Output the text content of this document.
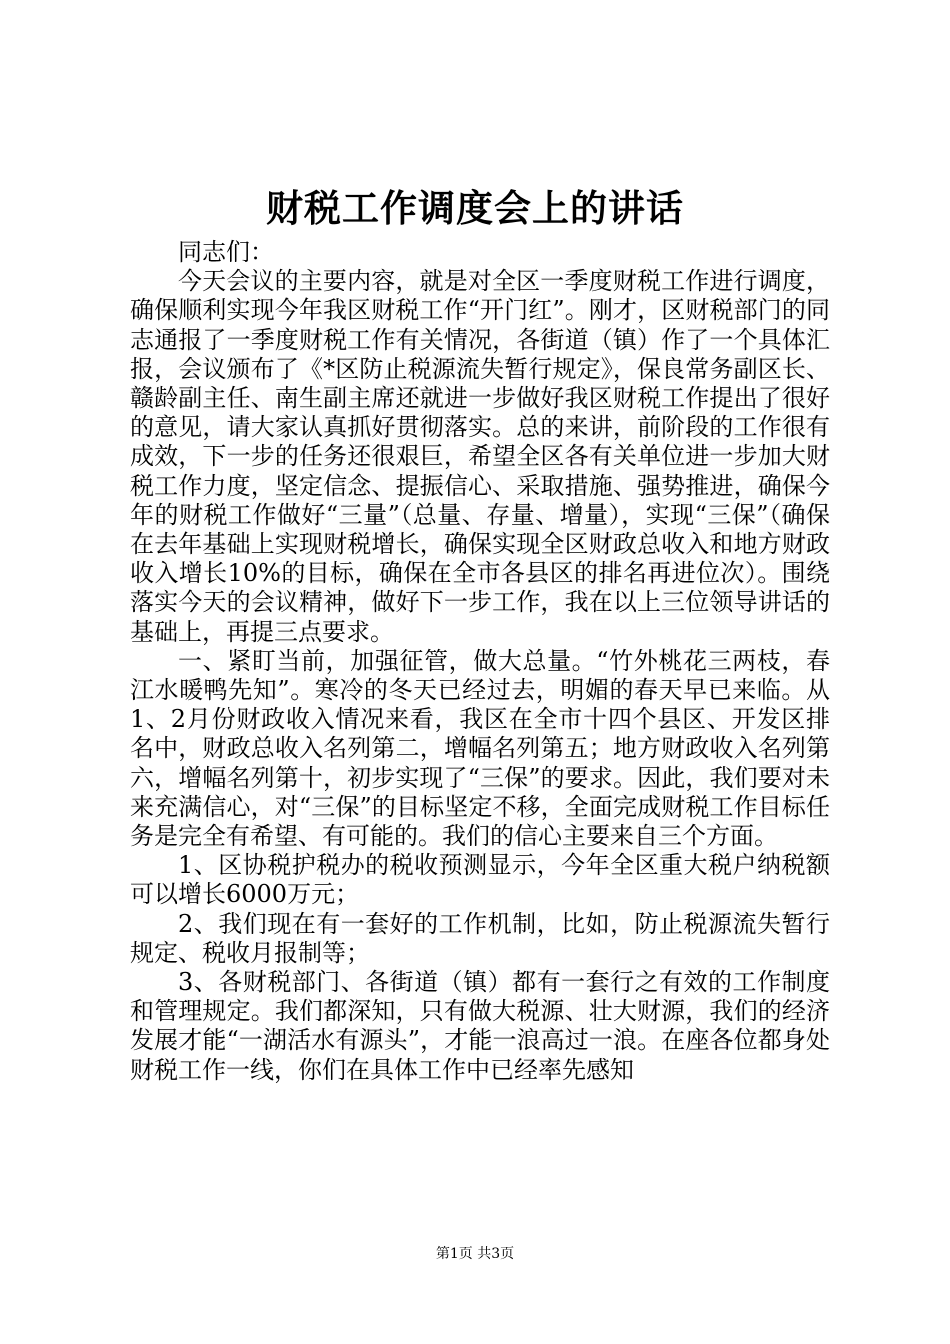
财税工作调度会上的讲话

同志们：

今天会议的主要内容，就是对全区一季度财税工作进行调度，确保顺利实现今年我区财税工作“开门红”。刚才，区财税部门的同志通报了一季度财税工作有关情况，各街道（镇）作了一个具体汇报，会议颁布了《*区防止税源流失暂行规定》，保良常务副区长、赣龄副主任、南生副主席还就进一步做好我区财税工作提出了很好的意见，请大家认真抓好贯彻落实。总的来讲，前阶段的工作很有成效，下一步的任务还很艰巨，希望全区各有关单位进一步加大财税工作力度，坚定信念、提振信心、采取措施、强势推进，确保今年的财税工作做好“三量”（总量、存量、增量），实现“三保”（确保在去年基础上实现财税增长，确保实现全区财政总收入和地方财政收入增长10%的目标，确保在全市各县区的排名再进位次）。围绕落实今天的会议精神，做好下一步工作，我在以上三位领导讲话的基础上，再提三点要求。

一、紧盯当前，加强征管，做大总量。“竹外桃花三两枝，春江水暖鸭先知”。寒冷的冬天已经过去，明媚的春天早已来临。从1、2月份财政收入情况来看，我区在全市十四个县区、开发区排名中，财政总收入名列第二，增幅名列第五；地方财政收入名列第六，增幅名列第十，初步实现了“三保”的要求。因此，我们要对未来充满信心，对“三保”的目标坚定不移，全面完成财税工作目标任务是完全有希望、有可能的。我们的信心主要来自三个方面。

1、区协税护税办的税收预测显示，今年全区重大税户纳税额可以增长6000万元；

2、我们现在有一套好的工作机制，比如，防止税源流失暂行规定、税收月报制等；

3、各财税部门、各街道（镇）都有一套行之有效的工作制度和管理规定。我们都深知，只有做大税源、壮大财源，我们的经济发展才能“一湖活水有源头”，才能一浪高过一浪。在座各位都身处财税工作一线，你们在具体工作中已经率先感知

第1页 共3页
